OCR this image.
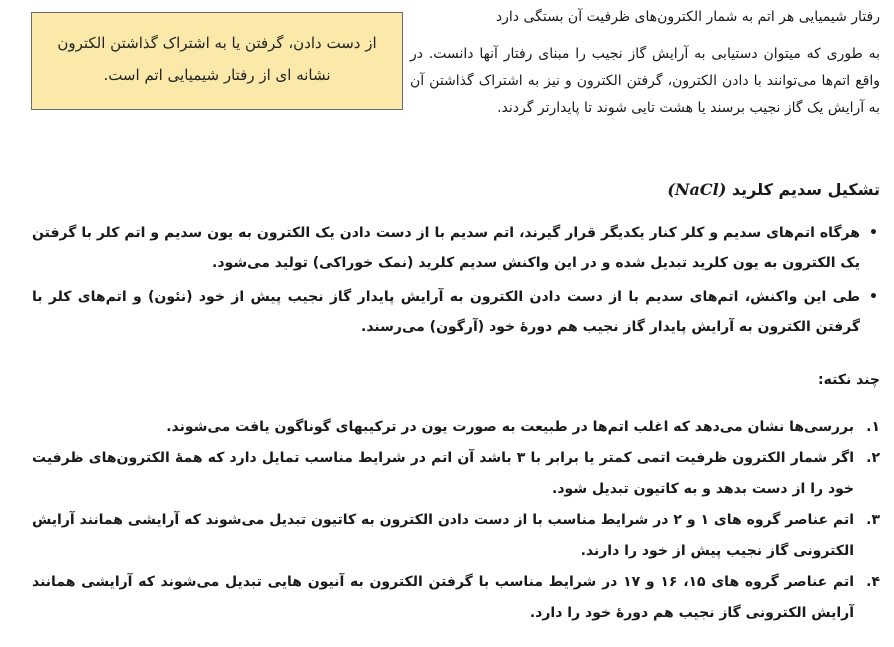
رفتار شیمیایی هر اتم به شمار الکترون‌های ظرفیت آن بستگی دارد

به طوری که میتوان دستیابی به آرایش گاز نجیب را مبنای رفتار آنها دانست. در واقع اتم‌ها می‌توانند با دادن الکترون، گرفتن الکترون و نیز به اشتراک گذاشتن آن به آرایش یک گاز نجیب برسند یا هشت تایی شوند تا پایدارتر گردند.

از دست دادن، گرفتن یا به اشتراک گذاشتن الکترون نشانه ای از رفتار شیمیایی اتم است.
تشکیل سدیم کلرید (NaCl)
•
هرگاه اتم‌های سدیم و کلر کنار یکدیگر قرار گیرند، اتم سدیم با از دست دادن یک الکترون به یون سدیم و اتم کلر با گرفتن یک الکترون به یون کلرید تبدیل شده و در این واکنش سدیم کلرید (نمک خوراکی) تولید می‌شود.
•
طی این واکنش، اتم‌های سدیم با از دست دادن الکترون به آرایش پایدار گاز نجیب پیش از خود (نئون) و اتم‌های کلر با گرفتن الکترون به آرایش پایدار گاز نجیب هم دورهٔ خود (آرگون) می‌رسند.
چند نکته:
۱.
بررسی‌ها نشان می‌دهد که اغلب اتم‌ها در طبیعت به صورت یون در ترکیبهای گوناگون یافت می‌شوند.
۲.
اگر شمار الکترون ظرفیت اتمی کمتر یا برابر با ۳ باشد آن اتم در شرایط مناسب تمایل دارد که همهٔ الکترون‌های ظرفیت خود را از دست بدهد و به کاتیون تبدیل شود.
۳.
اتم عناصر گروه های ۱ و ۲ در شرایط مناسب با از دست دادن الکترون به کاتیون تبدیل می‌شوند که آرایشی همانند آرایش الکترونی گاز نجیب پیش از خود را دارند.
۴.
اتم عناصر گروه های ۱۵، ۱۶ و ۱۷ در شرایط مناسب با گرفتن الکترون به آنیون هایی تبدیل می‌شوند که آرایشی همانند آرایش الکترونی گاز نجیب هم دورهٔ خود را دارد.
